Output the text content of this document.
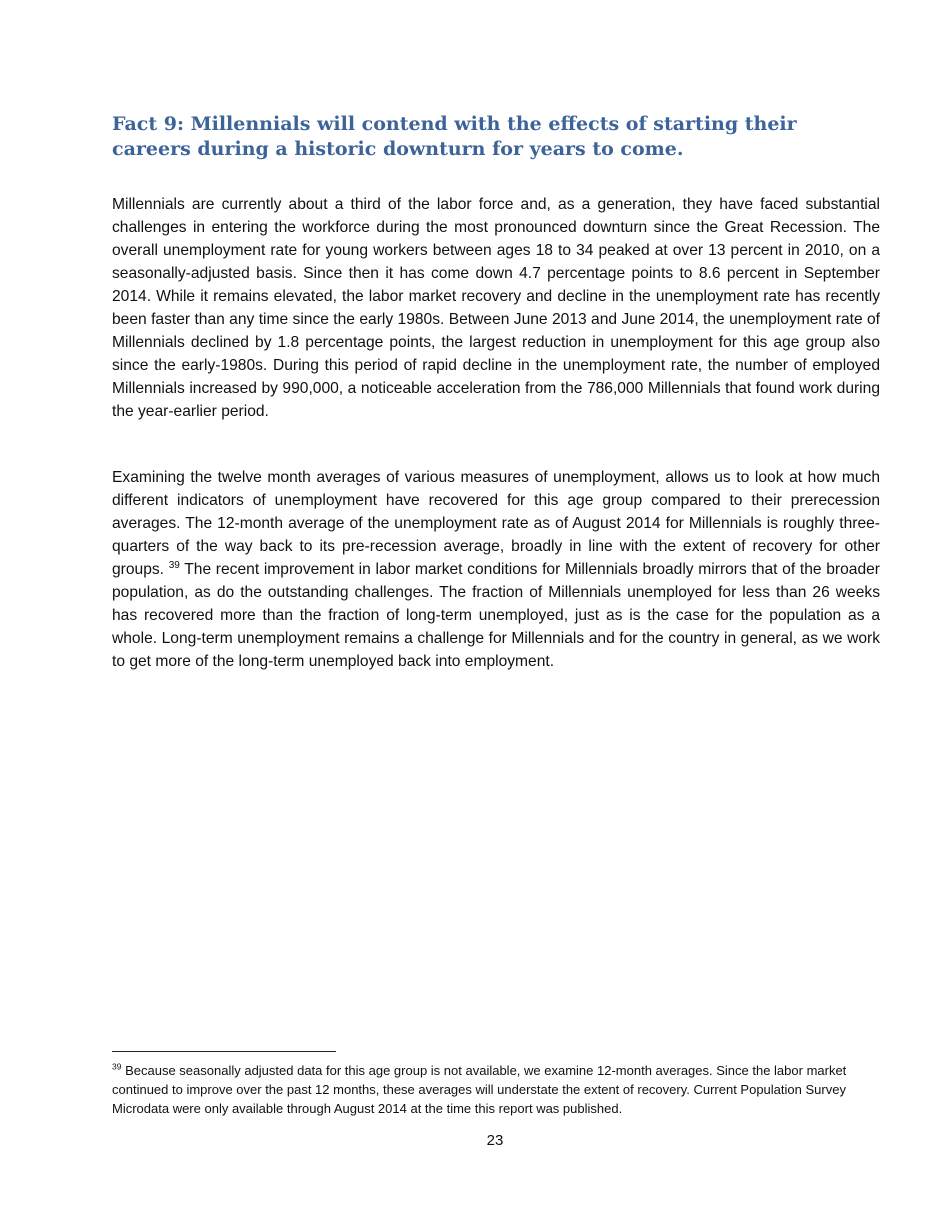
Fact 9: Millennials will contend with the effects of starting their careers during a historic downturn for years to come.

Millennials are currently about a third of the labor force and, as a generation, they have faced substantial challenges in entering the workforce during the most pronounced downturn since the Great Recession. The overall unemployment rate for young workers between ages 18 to 34 peaked at over 13 percent in 2010, on a seasonally-adjusted basis. Since then it has come down 4.7 percentage points to 8.6 percent in September 2014. While it remains elevated, the labor market recovery and decline in the unemployment rate has recently been faster than any time since the early 1980s. Between June 2013 and June 2014, the unemployment rate of Millennials declined by 1.8 percentage points, the largest reduction in unemployment for this age group also since the early-1980s. During this period of rapid decline in the unemployment rate, the number of employed Millennials increased by 990,000, a noticeable acceleration from the 786,000 Millennials that found work during the year-earlier period.

Examining the twelve month averages of various measures of unemployment, allows us to look at how much different indicators of unemployment have recovered for this age group compared to their prerecession averages. The 12-month average of the unemployment rate as of August 2014 for Millennials is roughly three-quarters of the way back to its pre-recession average, broadly in line with the extent of recovery for other groups. $^{39}$ The recent improvement in labor market conditions for Millennials broadly mirrors that of the broader population, as do the outstanding challenges. The fraction of Millennials unemployed for less than 26 weeks has recovered more than the fraction of long-term unemployed, just as is the case for the population as a whole. Long-term unemployment remains a challenge for Millennials and for the country in general, as we work to get more of the long-term unemployed back into employment.

$^{39}$ Because seasonally adjusted data for this age group is not available, we examine 12-month averages. Since the labor market continued to improve over the past 12 months, these averages will understate the extent of recovery. Current Population Survey Microdata were only available through August 2014 at the time this report was published.

23
